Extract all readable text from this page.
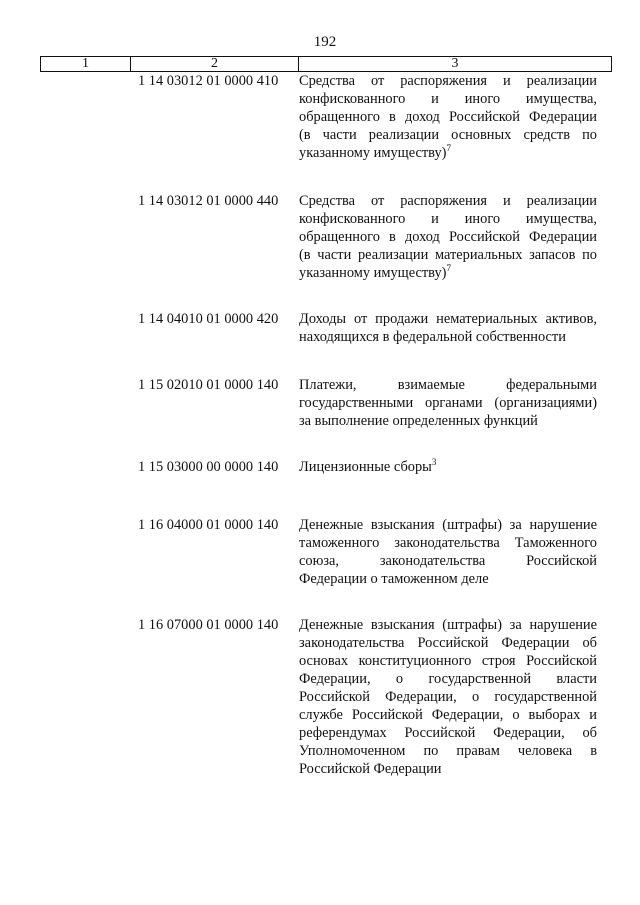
192
1	2	3
1 14 03012 01 0000 410 Средства от распоряжения и реализации
конфискованного и иного имущества,
обращенного в доход Российской Федерации
(в части реализации основных средств по
указанному имуществу)$^7$
1 14 03012 01 0000 440 Средства от распоряжения и реализации
конфискованного и иного имущества,
обращенного в доход Российской Федерации
(в части реализации материальных запасов по
указанному имуществу)$^7$
1 14 04010 01 0000 420 Доходы от продажи нематериальных активов,
находящихся в федеральной собственности
1 15 02010 01 0000 140 Платежи, взимаемые федеральными
государственными органами (организациями)
за выполнение определенных функций
1 15 03000 00 0000 140 Лицензионные сборы$^3$
1 16 04000 01 0000 140 Денежные взыскания (штрафы) за нарушение
таможенного законодательства Таможенного
союза, законодательства Российской
Федерации о таможенном деле
1 16 07000 01 0000 140 Денежные взыскания (штрафы) за нарушение
законодательства Российской Федерации об
основах конституционного строя Российской
Федерации, о государственной власти
Российской Федерации, о государственной
службе Российской Федерации, о выборах и
референдумах Российской Федерации, об
Уполномоченном по правам человека в
Российской Федерации
